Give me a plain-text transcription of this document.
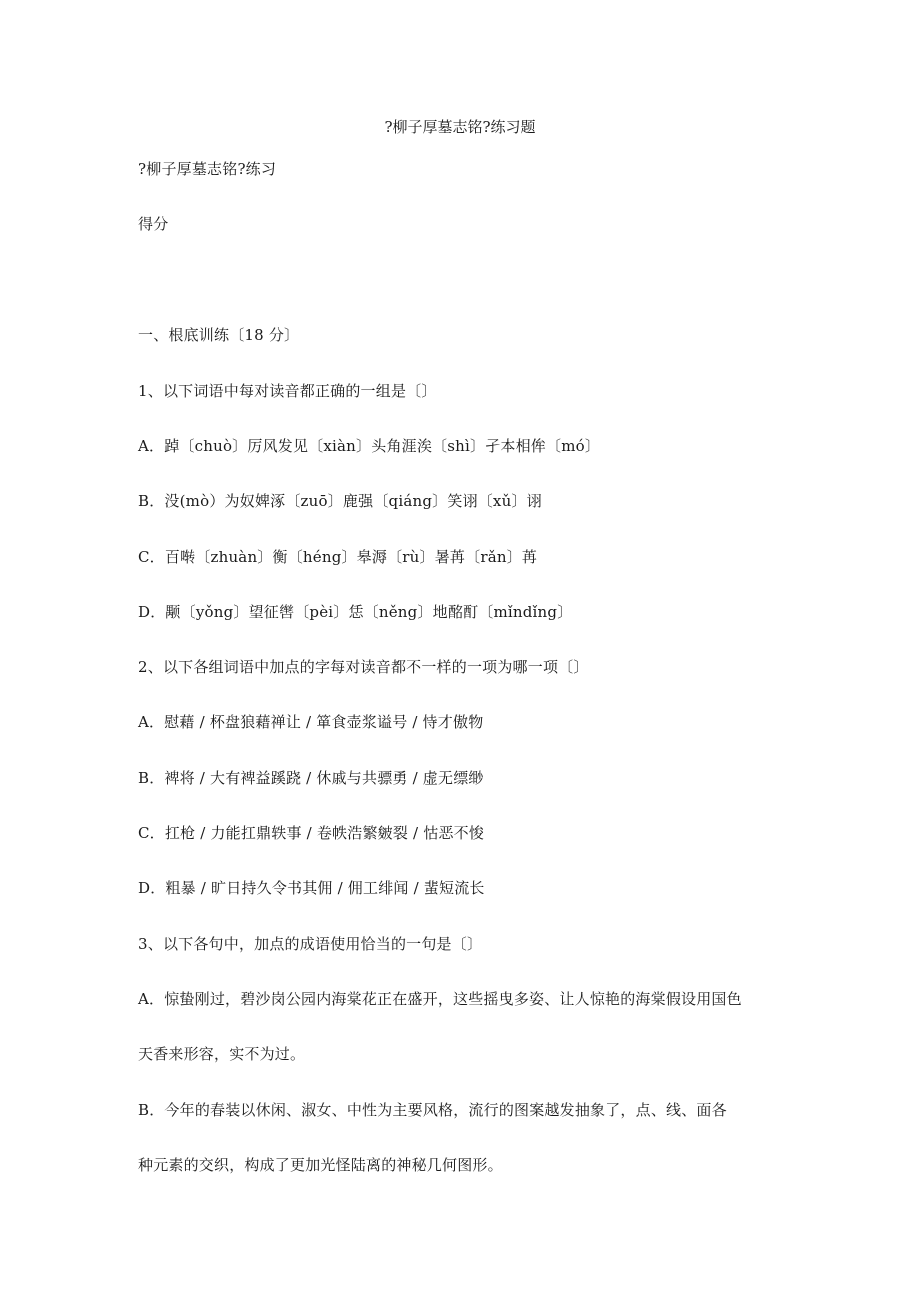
?柳子厚墓志铭?练习题
?柳子厚墓志铭?练习
得分
一、根底训练〔18 分〕
1、以下词语中每对读音都正确的一组是〔〕
A．踔〔chuò〕厉风发见〔xiàn〕头角涯涘〔shì〕孑本相侔〔mó〕
B．没(mò）为奴婢涿〔zuō〕鹿强〔qiáng〕笑诩〔xǔ〕诩
C．百啭〔zhuàn〕衡〔héng〕皋溽〔rù〕暑苒〔rǎn〕苒
D．颙〔yǒng〕望征辔〔pèi〕恁〔něng〕地酩酊〔mǐndǐng〕
2、以下各组词语中加点的字每对读音都不一样的一项为哪一项〔〕
A．慰藉 / 杯盘狼藉禅让 / 箪食壶浆谥号 / 恃才傲物
B．裨将 / 大有裨益蹊跷 / 休戚与共骠勇 / 虚无缥缈
C．扛枪 / 力能扛鼎轶事 / 卷帙浩繁皴裂 / 怙恶不悛
D．粗暴 / 旷日持久令书其佣 / 佣工绯闻 / 蜚短流长
3、以下各句中，加点的成语使用恰当的一句是〔〕
A．惊蛰刚过，碧沙岗公园内海棠花正在盛开，这些摇曳多姿、让人惊艳的海棠假设用国色
天香来形容，实不为过。
B．今年的春装以休闲、淑女、中性为主要风格，流行的图案越发抽象了，点、线、面各
种元素的交织，构成了更加光怪陆离的神秘几何图形。
